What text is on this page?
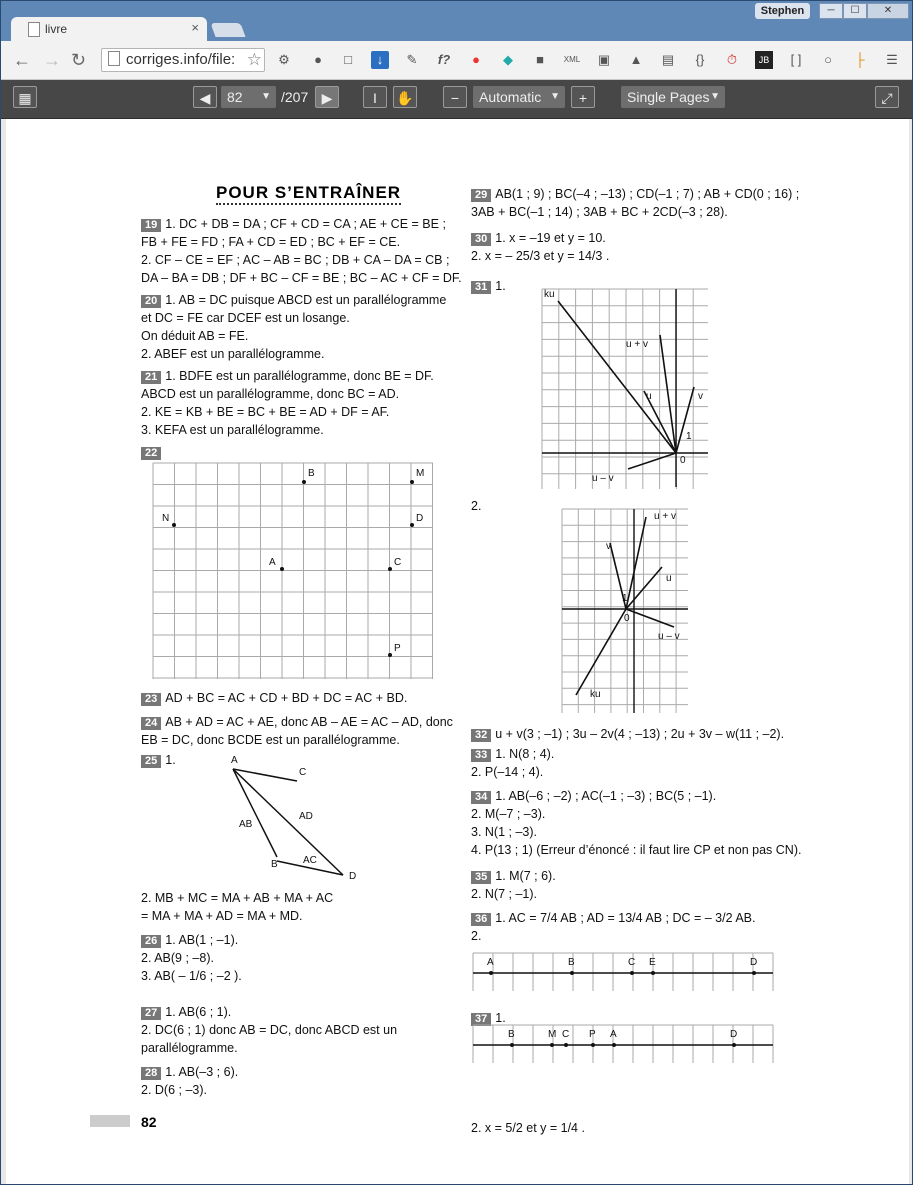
livre	×
Stephen	─	☐	✕
← → ↻	corriges.info/file: ☆ ⚙	●	□	↓	✎ f?	●	◆	■	XML ▣ ▲ ▤	{}	⏱	JB [ ]	○	├	☰
▦	◀	82 ▼ /207 ▶	I	✋	−	Automatic ▼	+	Single Pages ▼	⤢
POUR S’ENTRAÎNER
19 1. DC + DB = DA ; CF + CD = CA ; AE + CE = BE ;
FB + FE = FD ; FA + CD = ED ; BC + EF = CE.
2. CF – CE = EF ; AC – AB = BC ; DB + CA – DA = CB ;
DA – BA = DB ; DF + BC – CF = BE ; BC – AC + CF = DF.
20 1. AB = DC puisque ABCD est un parallélogramme
et DC = FE car DCEF est un losange.
On déduit AB = FE.
2. ABEF est un parallélogramme.
21 1. BDFE est un parallélogramme, donc BE = DF.
ABCD est un parallélogramme, donc BC = AD.
2. KE = KB + BE = BC + BE = AD + DF = AF.
3. KEFA est un parallélogramme.
22
23 AD + BC = AC + CD + BD + DC = AC + BD.
24 AB + AD = AC + AE, donc AB – AE = AC – AD, donc
EB = DC, donc BCDE est un parallélogramme.
25 1.
2. MB + MC = MA + AB + MA + AC
= MA + MA + AD = MA + MD.
26 1. AB(1 ; –1).
2. AB(9 ; –8).
3. AB( – 1/6 ; –2 ).
27 1. AB(6 ; 1).
2. DC(6 ; 1) donc AB = DC, donc ABCD est un
parallélogramme.
28 1. AB(–3 ; 6).
2. D(6 ; –3).
29 AB(1 ; 9) ; BC(–4 ; –13) ; CD(–1 ; 7) ; AB + CD(0 ; 16) ;
3AB + BC(–1 ; 14) ; 3AB + BC + 2CD(–3 ; 28).
30 1. x = –19 et y = 10.
2. x = – 25/3 et y = 14/3 .
31 1.
2.
32 u + v(3 ; –1) ; 3u – 2v(4 ; –13) ; 2u + 3v – w(11 ; –2).
33 1. N(8 ; 4).
2. P(–14 ; 4).
34 1. AB(–6 ; –2) ; AC(–1 ; –3) ; BC(5 ; –1).
2. M(–7 ; –3).
3. N(1 ; –3).
4. P(13 ; 1) (Erreur d’énoncé : il faut lire CP et non pas CN).
35 1. M(7 ; 6).
2. N(7 ; –1).
36 1. AC = 7/4 AB ; AD = 13/4 AB ; DC = – 3/2 AB.
2.
37 1.
2. x = 5/2 et y = 1/4 .
B	M
N	D
A	C
P
A
C
B
D
AB
AD
AC
ku
u + v
u	v
u – v
1
0
u + v
v
u
u – v
ku
1
0
A	B	C E	D
B	M C P A	D
82
